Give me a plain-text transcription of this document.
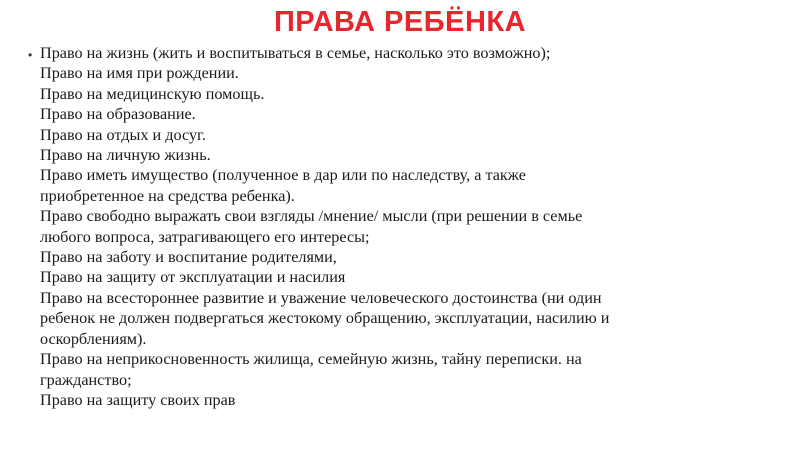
ПРАВА РЕБЁНКА
• Право на жизнь (жить и воспитываться в семье, насколько это возможно);
Право на имя при рождении.
Право на медицинскую помощь.
Право на образование.
Право на отдых и досуг.
Право на личную жизнь.
Право иметь имущество (полученное в дар или по наследству, а также
приобретенное на средства ребенка).
Право свободно выражать свои взгляды /мнение/ мысли (при решении в семье
любого вопроса, затрагивающего его интересы;
Право на заботу и воспитание родителями,
Право на защиту от эксплуатации и насилия
Право на всестороннее развитие и уважение человеческого достоинства (ни один
ребенок не должен подвергаться жестокому обращению, эксплуатации, насилию и
оскорблениям).
Право на неприкосновенность жилища, семейную жизнь, тайну переписки. на
гражданство;
Право на защиту своих прав
